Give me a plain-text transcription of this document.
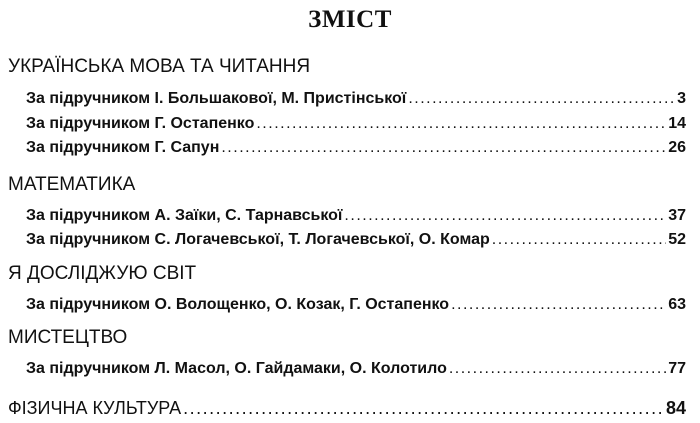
ЗМІСТ
УКРАЇНСЬКА МОВА ТА ЧИТАННЯ
За підручником І. Большакової, М. Пристінської .....	3
За підручником Г. Остапенко .....	14
За підручником Г. Сапун .....	26
МАТЕМАТИКА
За підручником А. Заїки, С. Тарнавської .....	37
За підручником С. Логачевської, Т. Логачевської, О. Комар .....	52
Я ДОСЛІДЖУЮ СВІТ
За підручником О. Волощенко, О. Козак, Г. Остапенко .....	63
МИСТЕЦТВО
За підручником Л. Масол, О. Гайдамаки, О. Колотило .....	77
ФІЗИЧНА КУЛЬТУРА .....	84
